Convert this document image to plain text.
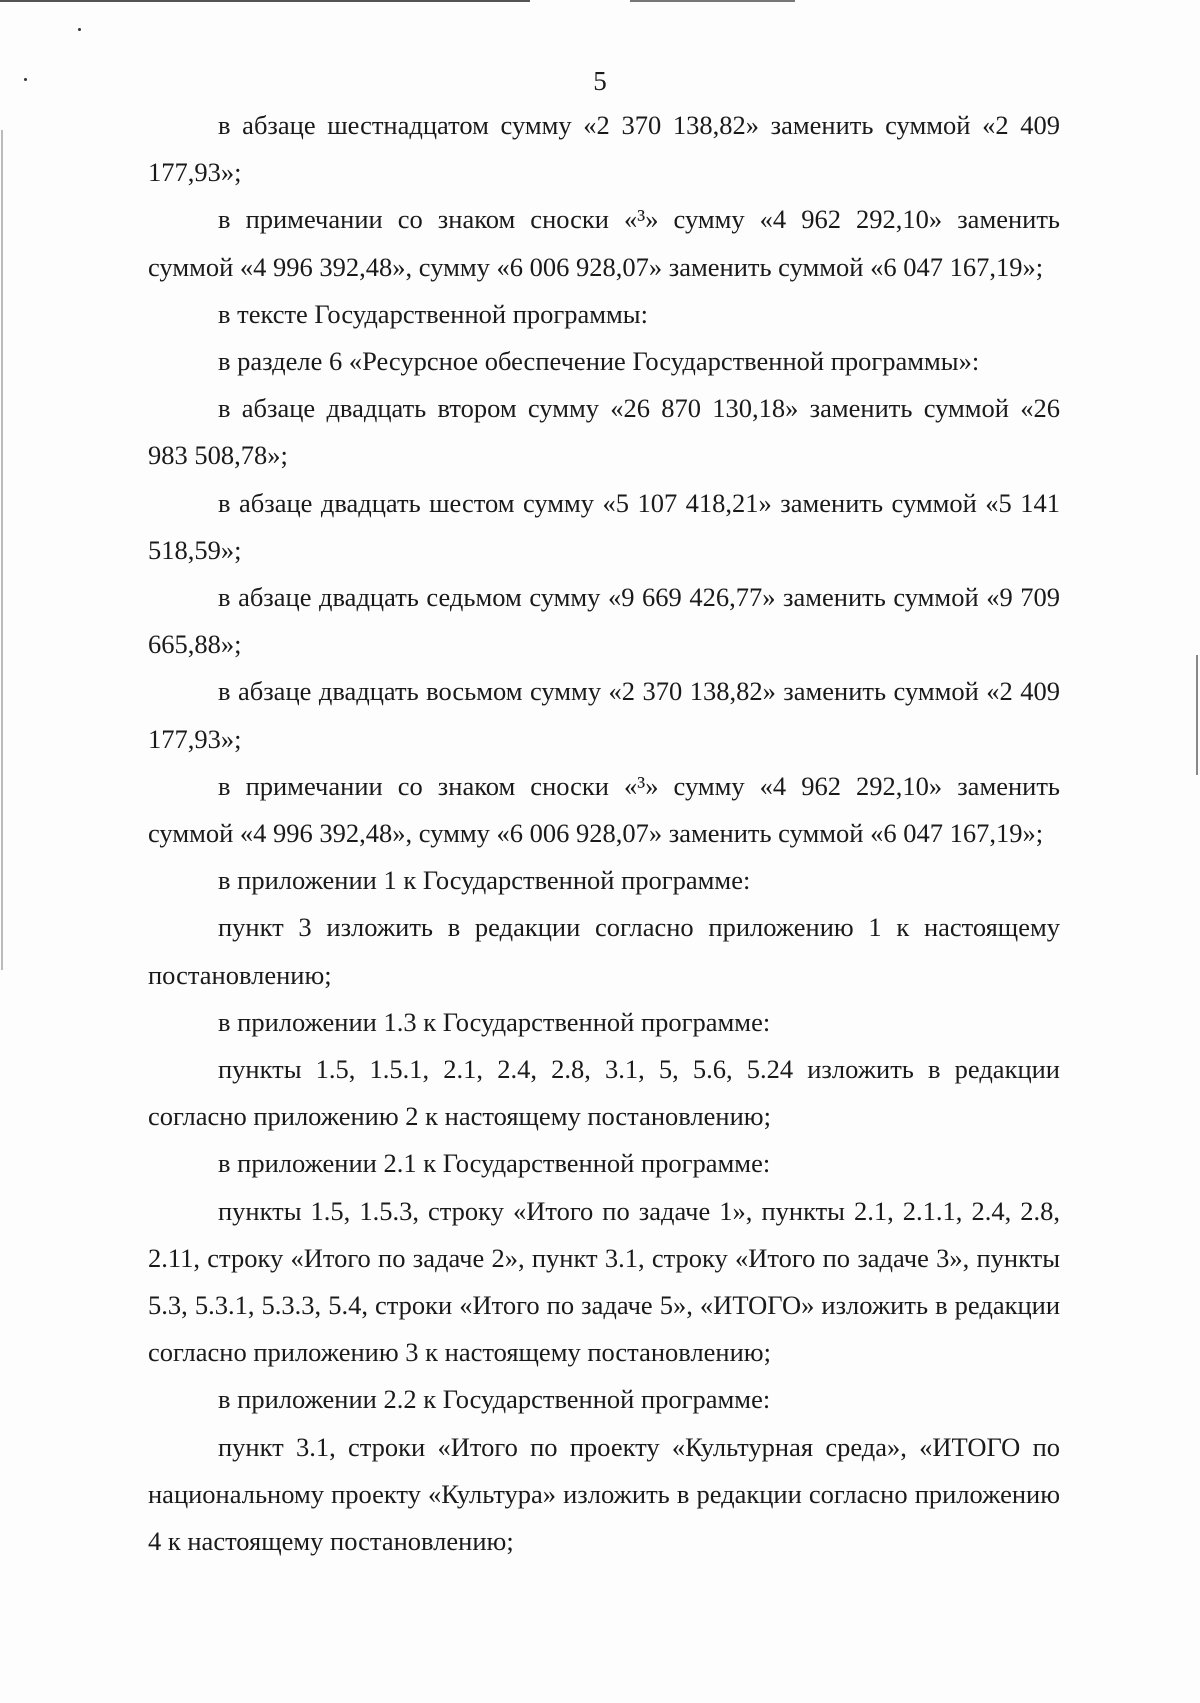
5

в абзаце шестнадцатом сумму «2 370 138,82» заменить суммой «2 409 177,93»;

в примечании со знаком сноски «³» сумму «4 962 292,10» заменить суммой «4 996 392,48», сумму «6 006 928,07» заменить суммой «6 047 167,19»;

в тексте Государственной программы:

в разделе 6 «Ресурсное обеспечение Государственной программы»:

в абзаце двадцать втором сумму «26 870 130,18» заменить суммой «26 983 508,78»;

в абзаце двадцать шестом сумму «5 107 418,21» заменить суммой «5 141 518,59»;

в абзаце двадцать седьмом сумму «9 669 426,77» заменить суммой «9 709 665,88»;

в абзаце двадцать восьмом сумму «2 370 138,82» заменить суммой «2 409 177,93»;

в примечании со знаком сноски «³» сумму «4 962 292,10» заменить суммой «4 996 392,48», сумму «6 006 928,07» заменить суммой «6 047 167,19»;

в приложении 1 к Государственной программе:

пункт 3 изложить в редакции согласно приложению 1 к настоящему постановлению;

в приложении 1.3 к Государственной программе:

пункты 1.5, 1.5.1, 2.1, 2.4, 2.8, 3.1, 5, 5.6, 5.24 изложить в редакции согласно приложению 2 к настоящему постановлению;

в приложении 2.1 к Государственной программе:

пункты 1.5, 1.5.3, строку «Итого по задаче 1», пункты 2.1, 2.1.1, 2.4, 2.8, 2.11, строку «Итого по задаче 2», пункт 3.1, строку «Итого по задаче 3», пункты 5.3, 5.3.1, 5.3.3, 5.4, строки «Итого по задаче 5», «ИТОГО» изложить в редакции согласно приложению 3 к настоящему постановлению;

в приложении 2.2 к Государственной программе:

пункт 3.1, строки «Итого по проекту «Культурная среда», «ИТОГО по национальному проекту «Культура» изложить в редакции согласно приложению 4 к настоящему постановлению;
